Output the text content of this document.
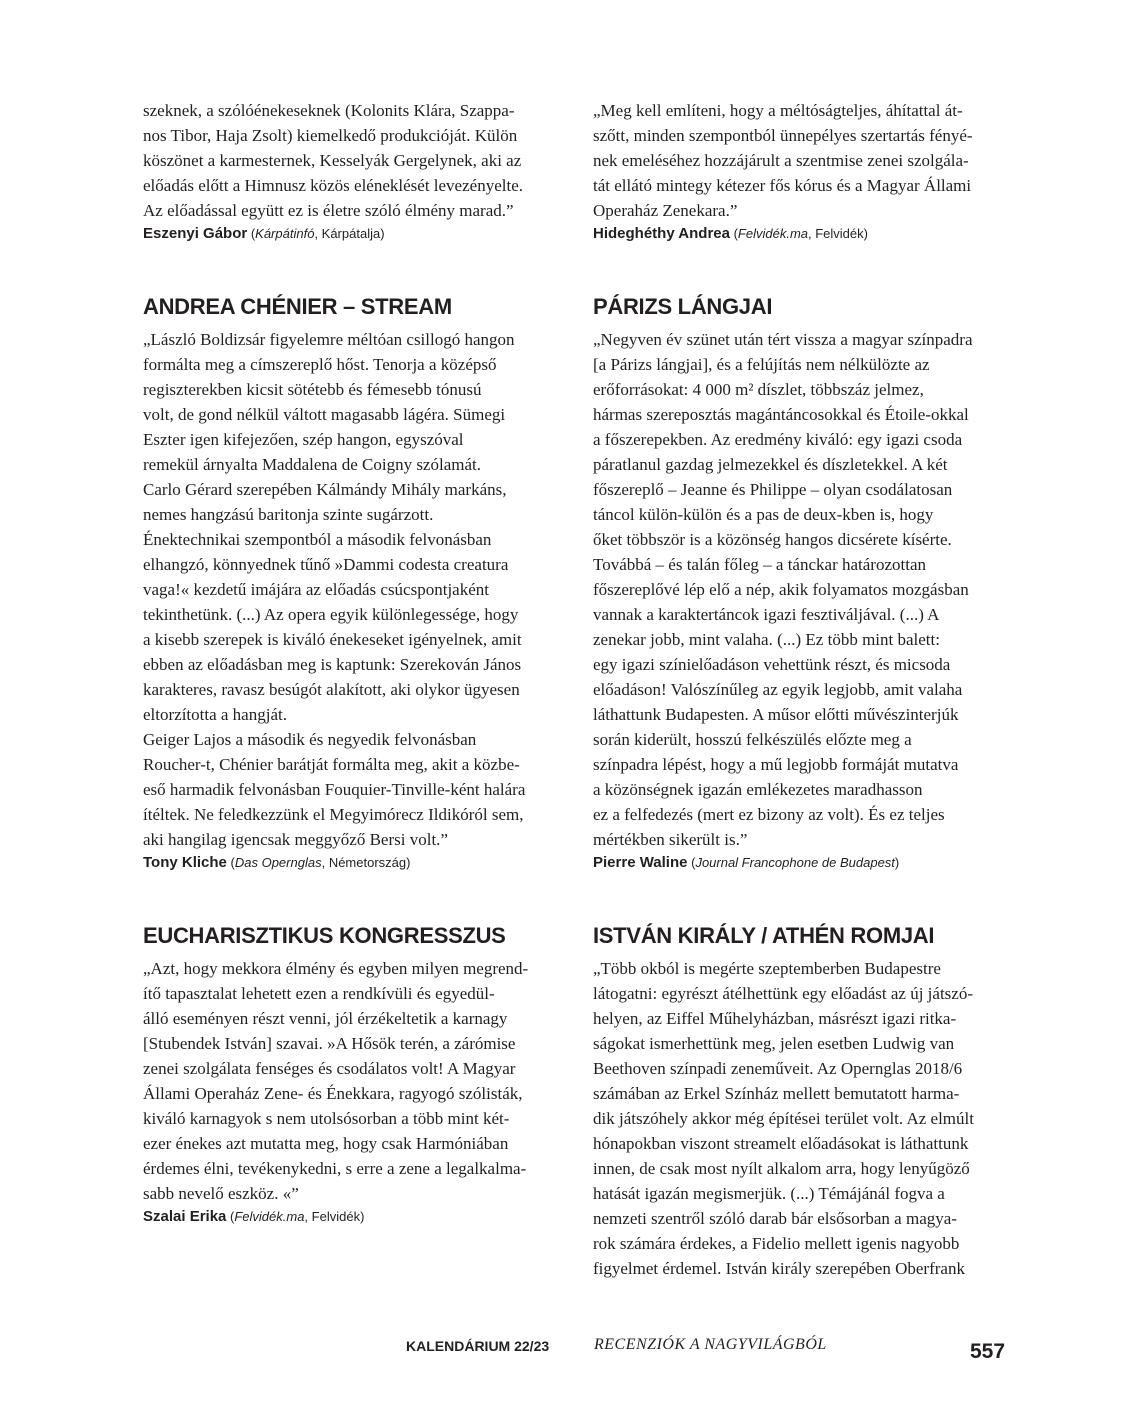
szeknek, a szólóénekeseknek (Kolonits Klára, Szappa-
nos Tibor, Haja Zsolt) kiemelkedő produkcióját. Külön
köszönet a karmesternek, Kesselyák Gergelynek, aki az
előadás előtt a Himnusz közös eléneklését levezényelte.
Az előadással együtt ez is életre szóló élmény marad.”

Eszenyi Gábor (Kárpátinfó, Kárpátalja)

ANDREA CHÉNIER – STREAM

„László Boldizsár figyelemre méltóan csillogó hangon
formálta meg a címszereplő hőst. Tenorja a középső
regiszterekben kicsit sötétebb és fémesebb tónusú
volt, de gond nélkül váltott magasabb lágéra. Sümegi
Eszter igen kifejezően, szép hangon, egyszóval
remekül árnyalta Maddalena de Coigny szólamát.
Carlo Gérard szerepében Kálmándy Mihály markáns,
nemes hangzású baritonja szinte sugárzott.
Énektechnikai szempontból a második felvonásban
elhangzó, könnyednek tűnő »Dammi codesta creatura
vaga!« kezdetű imájára az előadás csúcspontjaként
tekinthetünk. (...) Az opera egyik különlegessége, hogy
a kisebb szerepek is kiváló énekeseket igényelnek, amit
ebben az előadásban meg is kaptunk: Szerekován János
karakteres, ravasz besúgót alakított, aki olykor ügyesen
eltorzította a hangját.
Geiger Lajos a második és negyedik felvonásban
Roucher-t, Chénier barátját formálta meg, akit a közbe-
eső harmadik felvonásban Fouquier-Tinville-ként halára
ítéltek. Ne feledkezzünk el Megyimórecz Ildikóról sem,
aki hangilag igencsak meggyőző Bersi volt.”

Tony Kliche (Das Opernglas, Németország)

EUCHARISZTIKUS KONGRESSZUS

„Azt, hogy mekkora élmény és egyben milyen megrend-
ítő tapasztalat lehetett ezen a rendkívüli és egyedül-
álló eseményen részt venni, jól érzékeltetik a karnagy
[Stubendek István] szavai. »A Hősök terén, a zárómise
zenei szolgálata fenséges és csodálatos volt! A Magyar
Állami Operaház Zene- és Énekkara, ragyogó szólisták,
kiváló karnagyok s nem utolsósorban a több mint két-
ezer énekes azt mutatta meg, hogy csak Harmóniában
érdemes élni, tevékenykedni, s erre a zene a legalkalma-
sabb nevelő eszköz. «”

Szalai Erika (Felvidék.ma, Felvidék)

„Meg kell említeni, hogy a méltóságteljes, áhítattal át-
szőtt, minden szempontból ünnepélyes szertartás fényé-
nek emeléséhez hozzájárult a szentmise zenei szolgála-
tát ellátó mintegy kétezer fős kórus és a Magyar Állami
Operaház Zenekara.”

Hideghéthy Andrea (Felvidék.ma, Felvidék)

PÁRIZS LÁNGJAI

„Negyven év szünet után tért vissza a magyar színpadra
[a Párizs lángjai], és a felújítás nem nélkülözte az
erőforrásokat: 4 000 m² díszlet, többszáz jelmez,
hármas szereposztás magántáncosokkal és Étoile-okkal
a főszerepekben. Az eredmény kiváló: egy igazi csoda
páratlanul gazdag jelmezekkel és díszletekkel. A két
főszereplő – Jeanne és Philippe – olyan csodálatosan
táncol külön-külön és a pas de deux-kben is, hogy
őket többször is a közönség hangos dicsérete kísérte.
Továbbá – és talán főleg – a tánckar határozottan
főszereplővé lép elő a nép, akik folyamatos mozgásban
vannak a karaktertáncok igazi fesztiváljával. (...) A
zenekar jobb, mint valaha. (...) Ez több mint balett:
egy igazi színielőadáson vehettünk részt, és micsoda
előadáson! Valószínűleg az egyik legjobb, amit valaha
láthattunk Budapesten. A műsor előtti művészinterjúk
során kiderült, hosszú felkészülés előzte meg a
színpadra lépést, hogy a mű legjobb formáját mutatva
a közönségnek igazán emlékezetes maradhasson
ez a felfedezés (mert ez bizony az volt). És ez teljes
mértékben sikerült is.”

Pierre Waline (Journal Francophone de Budapest)

ISTVÁN KIRÁLY / ATHÉN ROMJAI

„Több okból is megérte szeptemberben Budapestre
látogatni: egyrészt átélhettünk egy előadást az új játszó-
helyen, az Eiffel Műhelyházban, másrészt igazi ritka-
ságokat ismerhettünk meg, jelen esetben Ludwig van
Beethoven színpadi zeneműveit. Az Opernglas 2018/6
számában az Erkel Színház mellett bemutatott harma-
dik játszóhely akkor még építései terület volt. Az elmúlt
hónapokban viszont streamelt előadásokat is láthattunk
innen, de csak most nyílt alkalom arra, hogy lenyűgöző
hatását igazán megismerjük. (...) Témájánál fogva a
nemzeti szentről szóló darab bár elsősorban a magya-
rok számára érdekes, a Fidelio mellett igenis nagyobb
figyelmet érdemel. István király szerepében Oberfrank

KALENDÁRIUM 22/23	RECENZIÓK A NAGYVILÁGBÓL	557
